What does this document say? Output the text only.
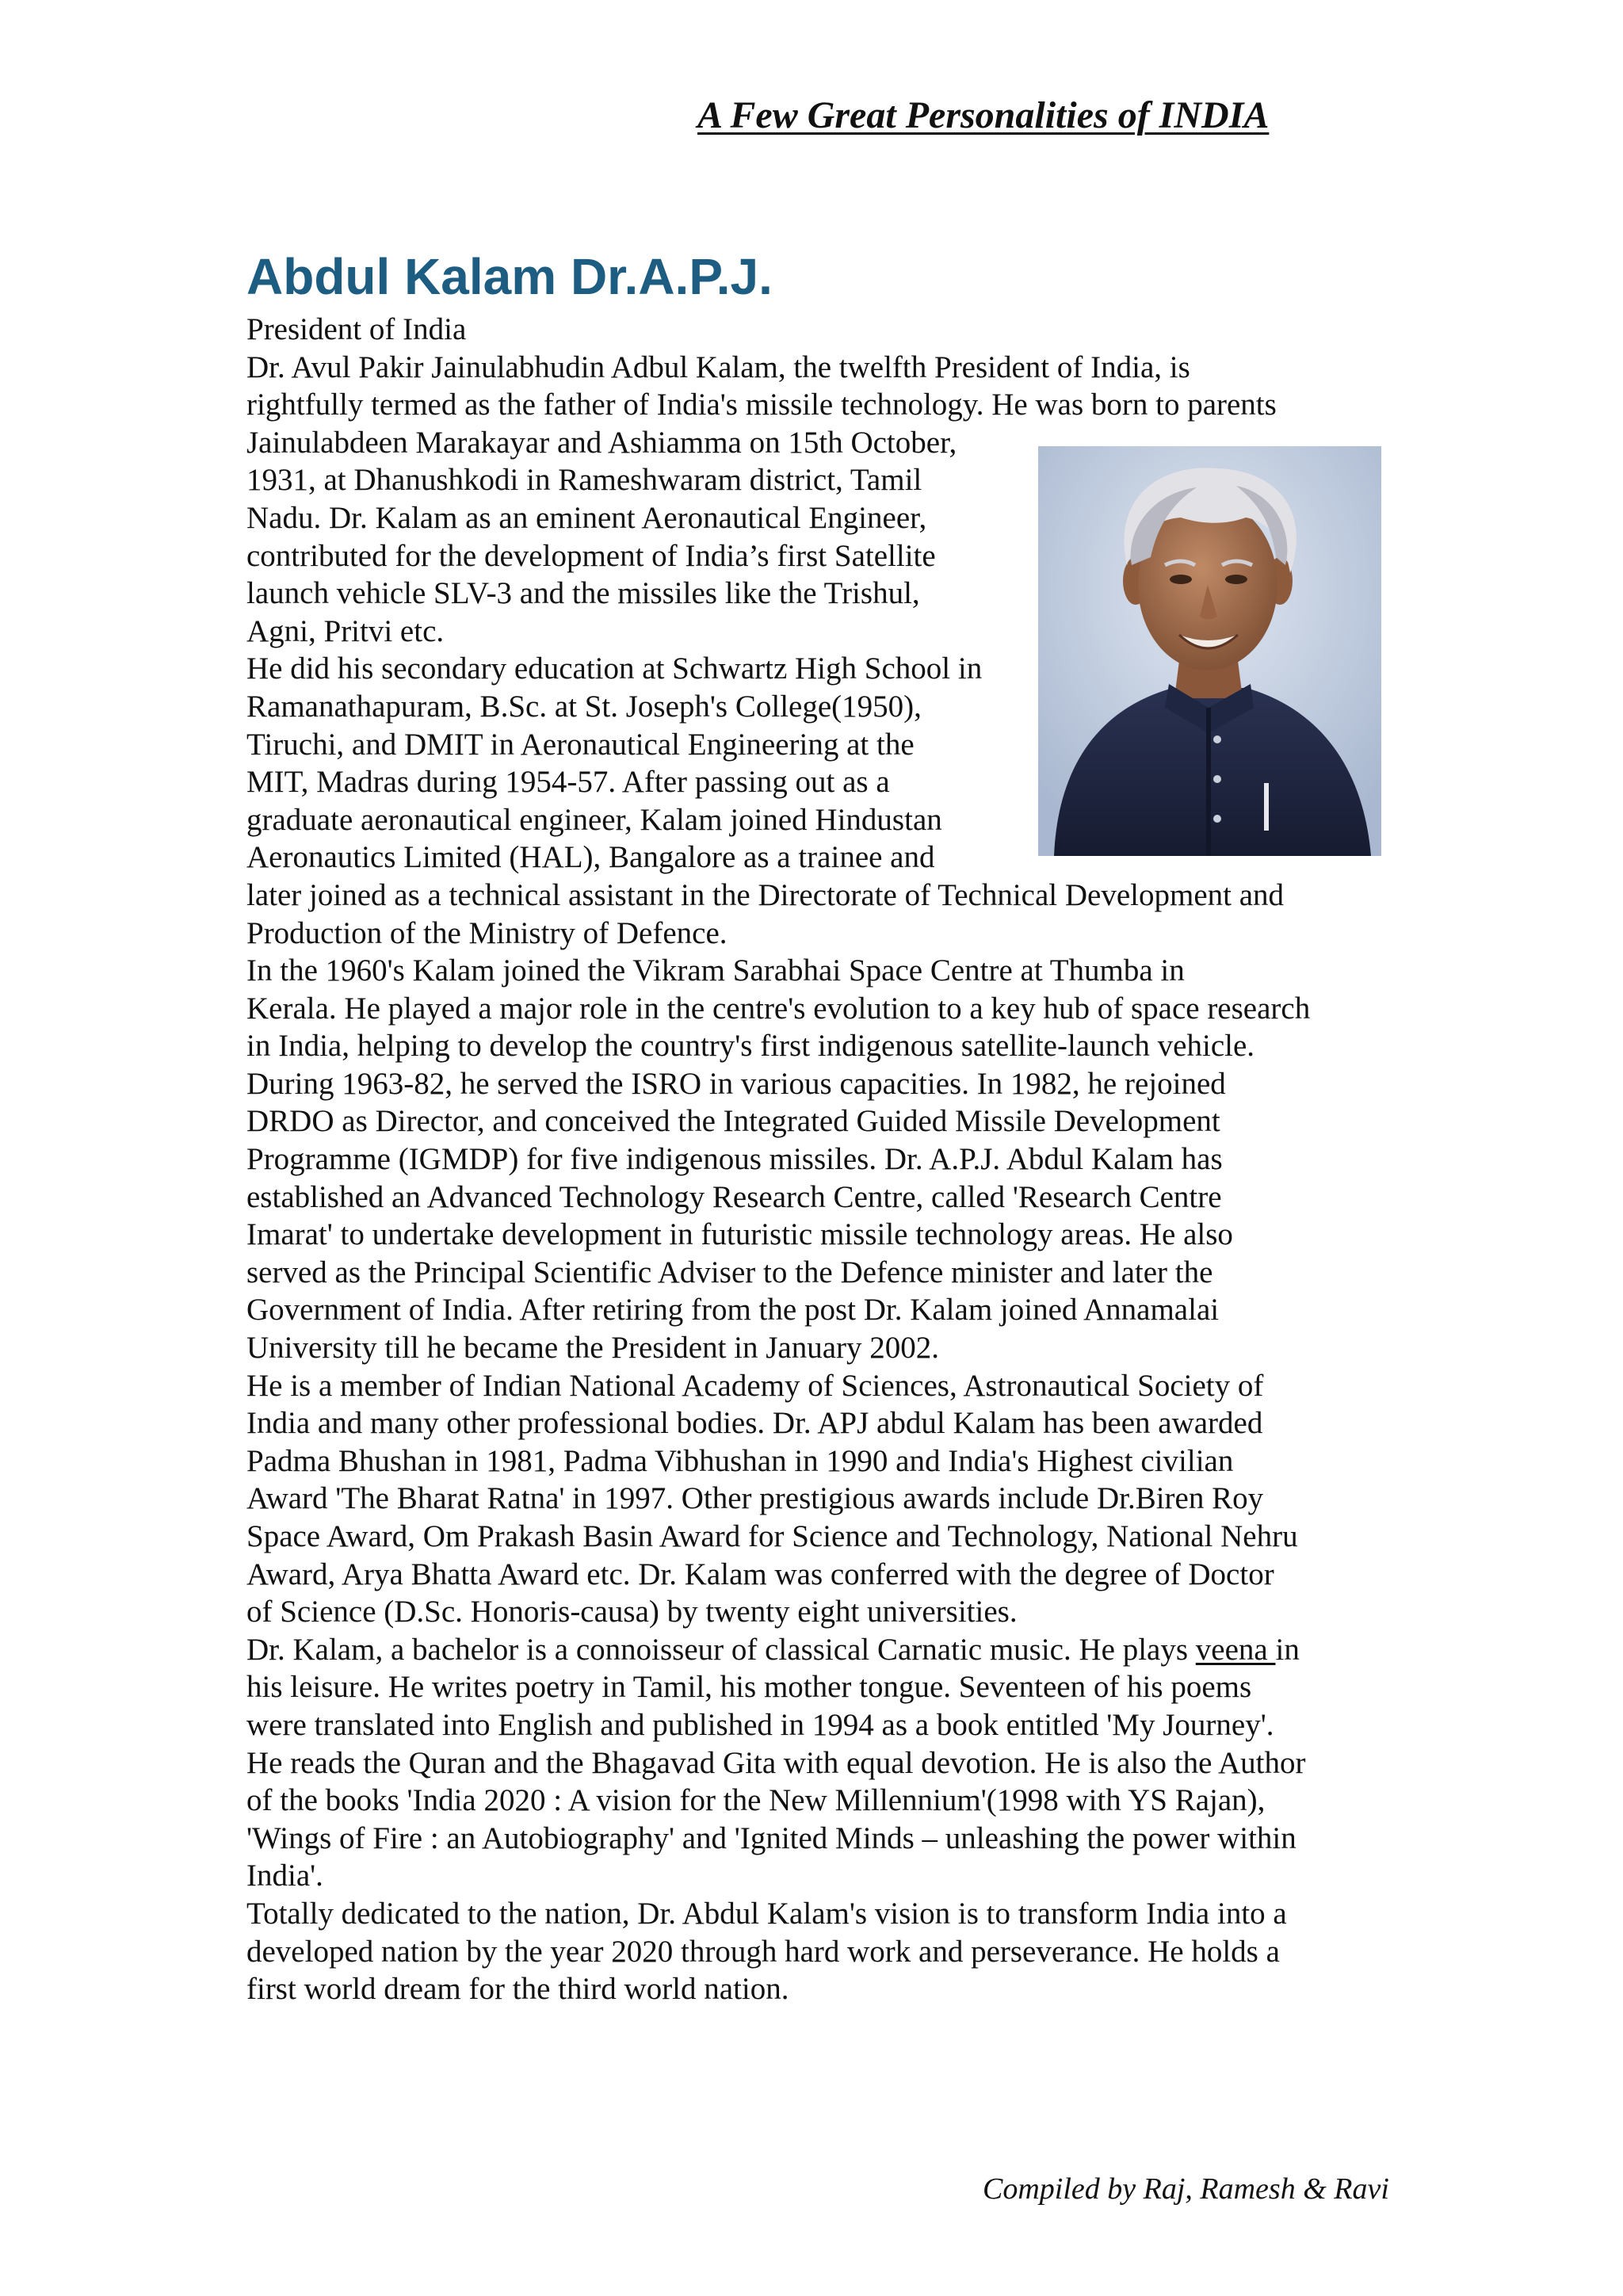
A Few Great Personalities of INDIA
Abdul Kalam Dr.A.P.J.
President of India
Dr. Avul Pakir Jainulabhudin Adbul Kalam, the twelfth President of India, is
rightfully termed as the father of India's missile technology. He was born to parents
Jainulabdeen Marakayar and Ashiamma on 15th October,
1931, at Dhanushkodi in Rameshwaram district, Tamil
Nadu. Dr. Kalam as an eminent Aeronautical Engineer,
contributed for the development of India’s first Satellite
launch vehicle SLV-3 and the missiles like the Trishul,
Agni, Pritvi etc.
He did his secondary education at Schwartz High School in
Ramanathapuram, B.Sc. at St. Joseph's College(1950),
Tiruchi, and DMIT in Aeronautical Engineering at the
MIT, Madras during 1954-57. After passing out as a
graduate aeronautical engineer, Kalam joined Hindustan
Aeronautics Limited (HAL), Bangalore as a trainee and
later joined as a technical assistant in the Directorate of Technical Development and
Production of the Ministry of Defence.
In the 1960's Kalam joined the Vikram Sarabhai Space Centre at Thumba in
Kerala. He played a major role in the centre's evolution to a key hub of space research
in India, helping to develop the country's first indigenous satellite-launch vehicle.
During 1963-82, he served the ISRO in various capacities. In 1982, he rejoined
DRDO as Director, and conceived the Integrated Guided Missile Development
Programme (IGMDP) for five indigenous missiles. Dr. A.P.J. Abdul Kalam has
established an Advanced Technology Research Centre, called 'Research Centre
Imarat' to undertake development in futuristic missile technology areas. He also
served as the Principal Scientific Adviser to the Defence minister and later the
Government of India. After retiring from the post Dr. Kalam joined Annamalai
University till he became the President in January 2002.
He is a member of Indian National Academy of Sciences, Astronautical Society of
India and many other professional bodies. Dr. APJ abdul Kalam has been awarded
Padma Bhushan in 1981, Padma Vibhushan in 1990 and India's Highest civilian
Award 'The Bharat Ratna' in 1997. Other prestigious awards include Dr.Biren Roy
Space Award, Om Prakash Basin Award for Science and Technology, National Nehru
Award, Arya Bhatta Award etc. Dr. Kalam was conferred with the degree of Doctor
of Science (D.Sc. Honoris-causa) by twenty eight universities.
Dr. Kalam, a bachelor is a connoisseur of classical Carnatic music. He plays veena in
his leisure. He writes poetry in Tamil, his mother tongue. Seventeen of his poems
were translated into English and published in 1994 as a book entitled 'My Journey'.
He reads the Quran and the Bhagavad Gita with equal devotion. He is also the Author
of the books 'India 2020 : A vision for the New Millennium'(1998 with YS Rajan),
'Wings of Fire : an Autobiography' and 'Ignited Minds – unleashing the power within
India'.
Totally dedicated to the nation, Dr. Abdul Kalam's vision is to transform India into a
developed nation by the year 2020 through hard work and perseverance. He holds a
first world dream for the third world nation.
Compiled by Raj, Ramesh & Ravi
